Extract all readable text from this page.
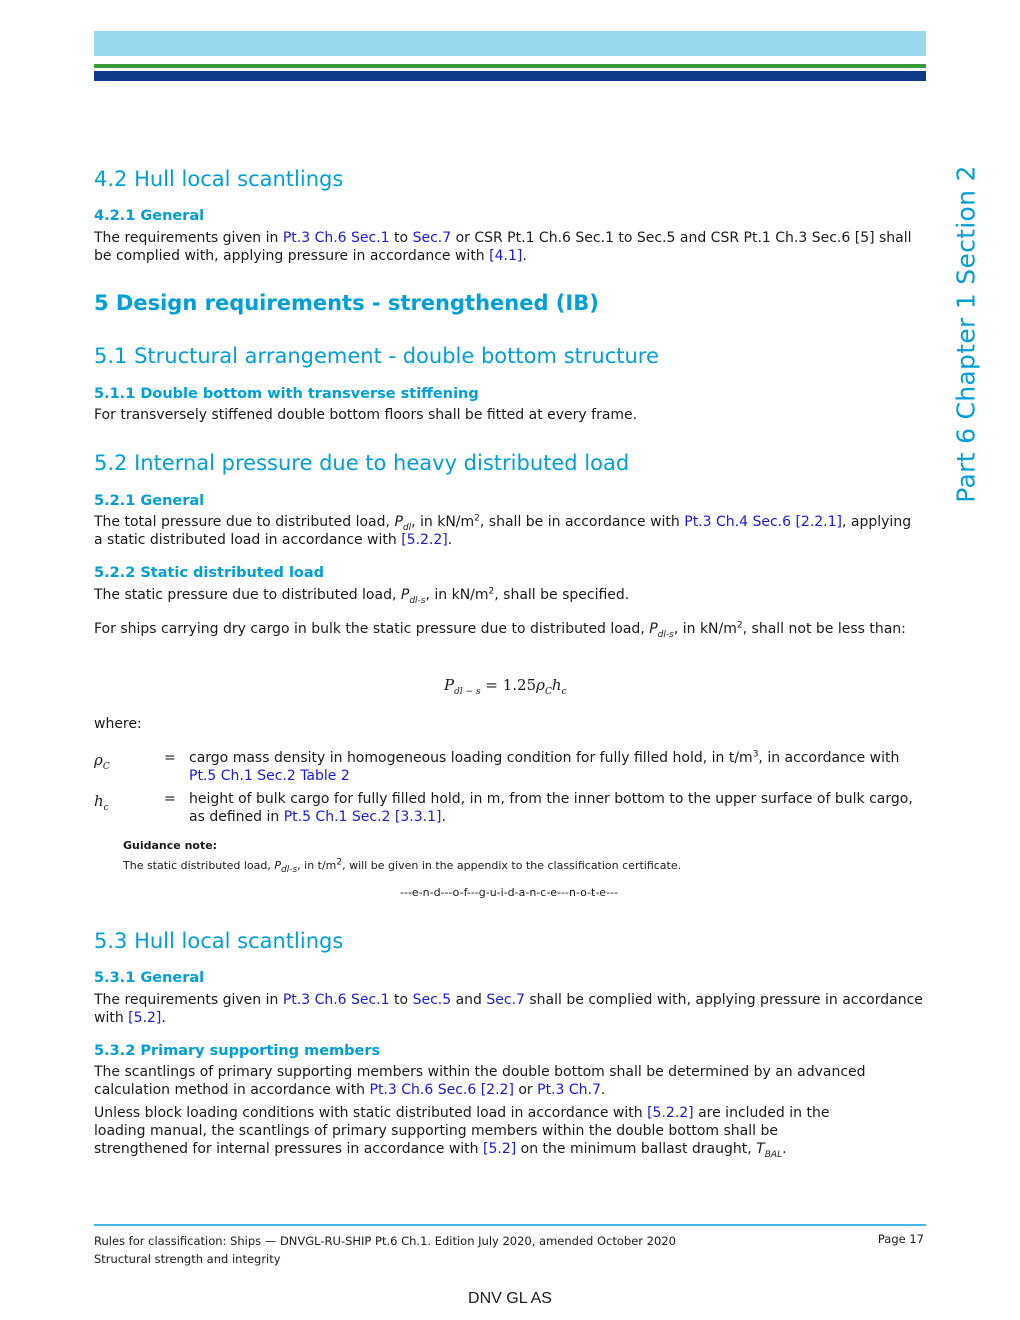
Part 6 Chapter 1 Section 2
4.2 Hull local scantlings
4.2.1 General
The requirements given in Pt.3 Ch.6 Sec.1 to Sec.7 or CSR Pt.1 Ch.6 Sec.1 to Sec.5 and CSR Pt.1 Ch.3 Sec.6 [5] shall be complied with, applying pressure in accordance with [4.1].
5 Design requirements - strengthened (IB)
5.1 Structural arrangement - double bottom structure
5.1.1 Double bottom with transverse stiffening
For transversely stiffened double bottom floors shall be fitted at every frame.
5.2 Internal pressure due to heavy distributed load
5.2.1 General
The total pressure due to distributed load, $P_{dl}$, in $kN/m^2$, shall be in accordance with Pt.3 Ch.4 Sec.6 [2.2.1], applying a static distributed load in accordance with [5.2.2].
5.2.2 Static distributed load
The static pressure due to distributed load, $P_{dl-s}$, in $kN/m^2$, shall be specified.
For ships carrying dry cargo in bulk the static pressure due to distributed load, $P_{dl-s}$, in $kN/m^2$, shall not be less than:
$P_{dl - s} = 1.25\rho_Ch_c$
where:
$\rho_C$
= cargo mass density in homogeneous loading condition for fully filled hold, in $t/m^3$, in accordance with Pt.5 Ch.1 Sec.2 Table 2
$h_c$
= height of bulk cargo for fully filled hold, in m, from the inner bottom to the upper surface of bulk cargo, as defined in Pt.5 Ch.1 Sec.2 [3.3.1].
Guidance note:
The static distributed load, $P_{dl-s}$, in $t/m^2$, will be given in the appendix to the classification certificate.
---e-n-d---o-f---g-u-i-d-a-n-c-e---n-o-t-e---
5.3 Hull local scantlings
5.3.1 General
The requirements given in Pt.3 Ch.6 Sec.1 to Sec.5 and Sec.7 shall be complied with, applying pressure in accordance with [5.2].
5.3.2 Primary supporting members
The scantlings of primary supporting members within the double bottom shall be determined by an advanced calculation method in accordance with Pt.3 Ch.6 Sec.6 [2.2] or Pt.3 Ch.7.
Unless block loading conditions with static distributed load in accordance with [5.2.2] are included in the loading manual, the scantlings of primary supporting members within the double bottom shall be strengthened for internal pressures in accordance with [5.2] on the minimum ballast draught, $T_{BAL}$.
Rules for classification: Ships — DNVGL-RU-SHIP Pt.6 Ch.1. Edition July 2020, amended October 2020
Structural strength and integrity
Page 17
DNV GL AS
